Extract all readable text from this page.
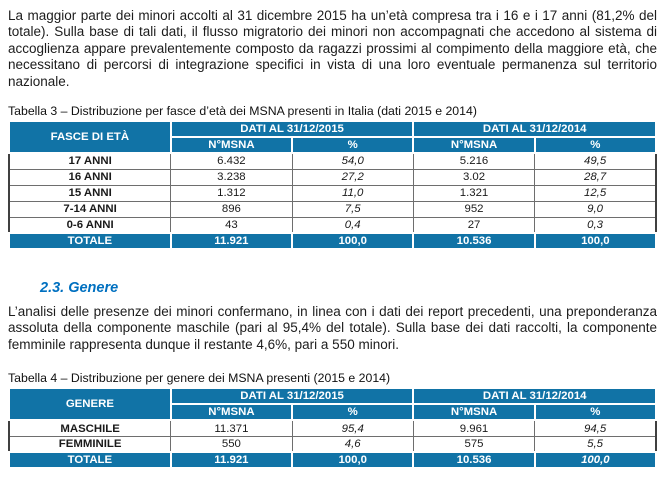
La maggior parte dei minori accolti al 31 dicembre 2015 ha un’età compresa tra i 16 e i 17 anni (81,2% del totale). Sulla base di tali dati, il flusso migratorio dei minori non accompagnati che accedono al sistema di accoglienza appare prevalentemente composto da ragazzi prossimi al compimento della maggiore età, che necessitano di percorsi di integrazione specifici in vista di una loro eventuale permanenza sul territorio nazionale.

Tabella 3 – Distribuzione per fasce d’età dei MSNA presenti in Italia (dati 2015 e 2014)
FASCE DI ETÀ	DATI AL 31/12/2015		DATI AL 31/12/2014	
	N°MSNA	%	N°MSNA	%
17 ANNI	6.432	54,0	5.216	49,5
16 ANNI	3.238	27,2	3.02	28,7
15 ANNI	1.312	11,0	1.321	12,5
7-14 ANNI	896	7,5	952	9,0
0-6 ANNI	43	0,4	27	0,3
TOTALE	11.921	100,0	10.536	100,0
2.3. Genere

L’analisi delle presenze dei minori confermano, in linea con i dati dei report precedenti, una preponderanza assoluta della componente maschile (pari al 95,4% del totale). Sulla base dei dati raccolti, la componente femminile rappresenta dunque il restante 4,6%, pari a 550 minori.

Tabella 4 – Distribuzione per genere dei MSNA presenti (2015 e 2014)
GENERE	DATI AL 31/12/2015		DATI AL 31/12/2014	
	N°MSNA	%	N°MSNA	%
MASCHILE	11.371	95,4	9.961	94,5
FEMMINILE	550	4,6	575	5,5
TOTALE	11.921	100,0	10.536	100,0
